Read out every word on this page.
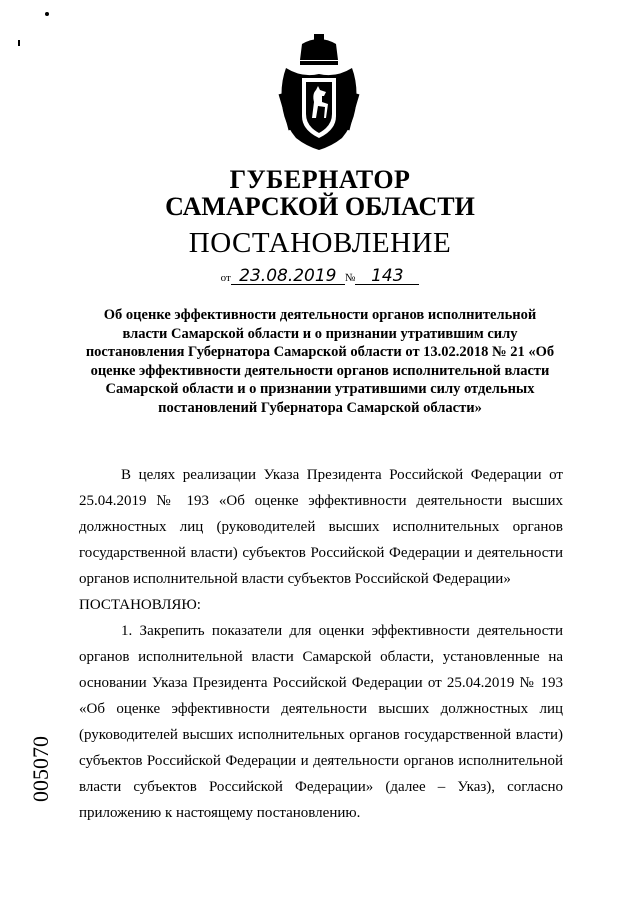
ГУБЕРНАТОР
САМАРСКОЙ ОБЛАСТИ
ПОСТАНОВЛЕНИЕ
от 23.08.2019 № 143
Об оценке эффективности деятельности органов исполнительной власти Самарской области и о признании утратившим силу постановления Губернатора Самарской области от 13.02.2018 № 21 «Об оценке эффективности деятельности органов исполнительной власти Самарской области и о признании утратившими силу отдельных постановлений Губернатора Самарской области»

В целях реализации Указа Президента Российской Федерации от 25.04.2019 № 193 «Об оценке эффективности деятельности высших должностных лиц (руководителей высших исполнительных органов государственной власти) субъектов Российской Федерации и деятельности органов исполнительной власти субъектов Российской Федерации»

ПОСТАНОВЛЯЮ:

1. Закрепить показатели для оценки эффективности деятельности органов исполнительной власти Самарской области, установленные на основании Указа Президента Российской Федерации от 25.04.2019 № 193 «Об оценке эффективности деятельности высших должностных лиц (руководителей высших исполнительных органов государственной власти) субъектов Российской Федерации и деятельности органов исполнительной власти субъектов Российской Федерации» (далее – Указ), согласно приложению к настоящему постановлению.

005070
